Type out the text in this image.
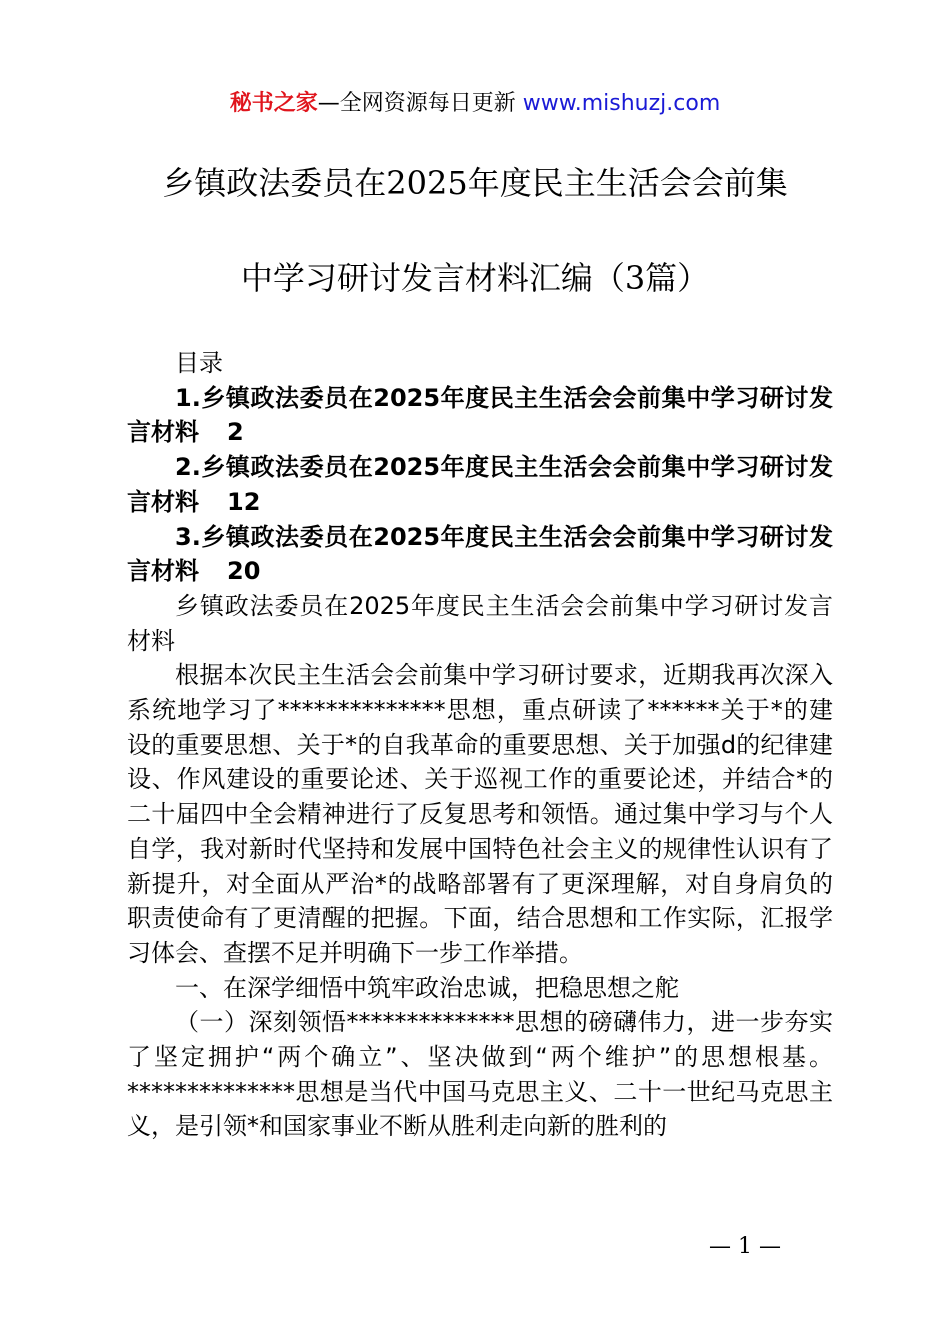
秘书之家—全网资源每日更新 www.mishuzj.com
乡镇政法委员在2025年度民主生活会会前集
中学习研讨发言材料汇编（3篇）

目录

1.乡镇政法委员在2025年度民主生活会会前集中学习研讨发言材料 2

2.乡镇政法委员在2025年度民主生活会会前集中学习研讨发言材料 12

3.乡镇政法委员在2025年度民主生活会会前集中学习研讨发言材料 20

乡镇政法委员在2025年度民主生活会会前集中学习研讨发言材料

根据本次民主生活会会前集中学习研讨要求，近期我再次深入系统地学习了**************思想，重点研读了******关于*的建设的重要思想、关于*的自我革命的重要思想、关于加强d的纪律建设、作风建设的重要论述、关于巡视工作的重要论述，并结合*的二十届四中全会精神进行了反复思考和领悟。通过集中学习与个人自学，我对新时代坚持和发展中国特色社会主义的规律性认识有了新提升，对全面从严治*的战略部署有了更深理解，对自身肩负的职责使命有了更清醒的把握。下面，结合思想和工作实际，汇报学习体会、查摆不足并明确下一步工作举措。

一、在深学细悟中筑牢政治忠诚，把稳思想之舵

（一）深刻领悟**************思想的磅礴伟力，进一步夯实了坚定拥护“两个确立”、坚决做到“两个维护”的思想根基。**************思想是当代中国马克思主义、二十一世纪马克思主义，是引领*和国家事业不断从胜利走向新的胜利的

— 1 —
